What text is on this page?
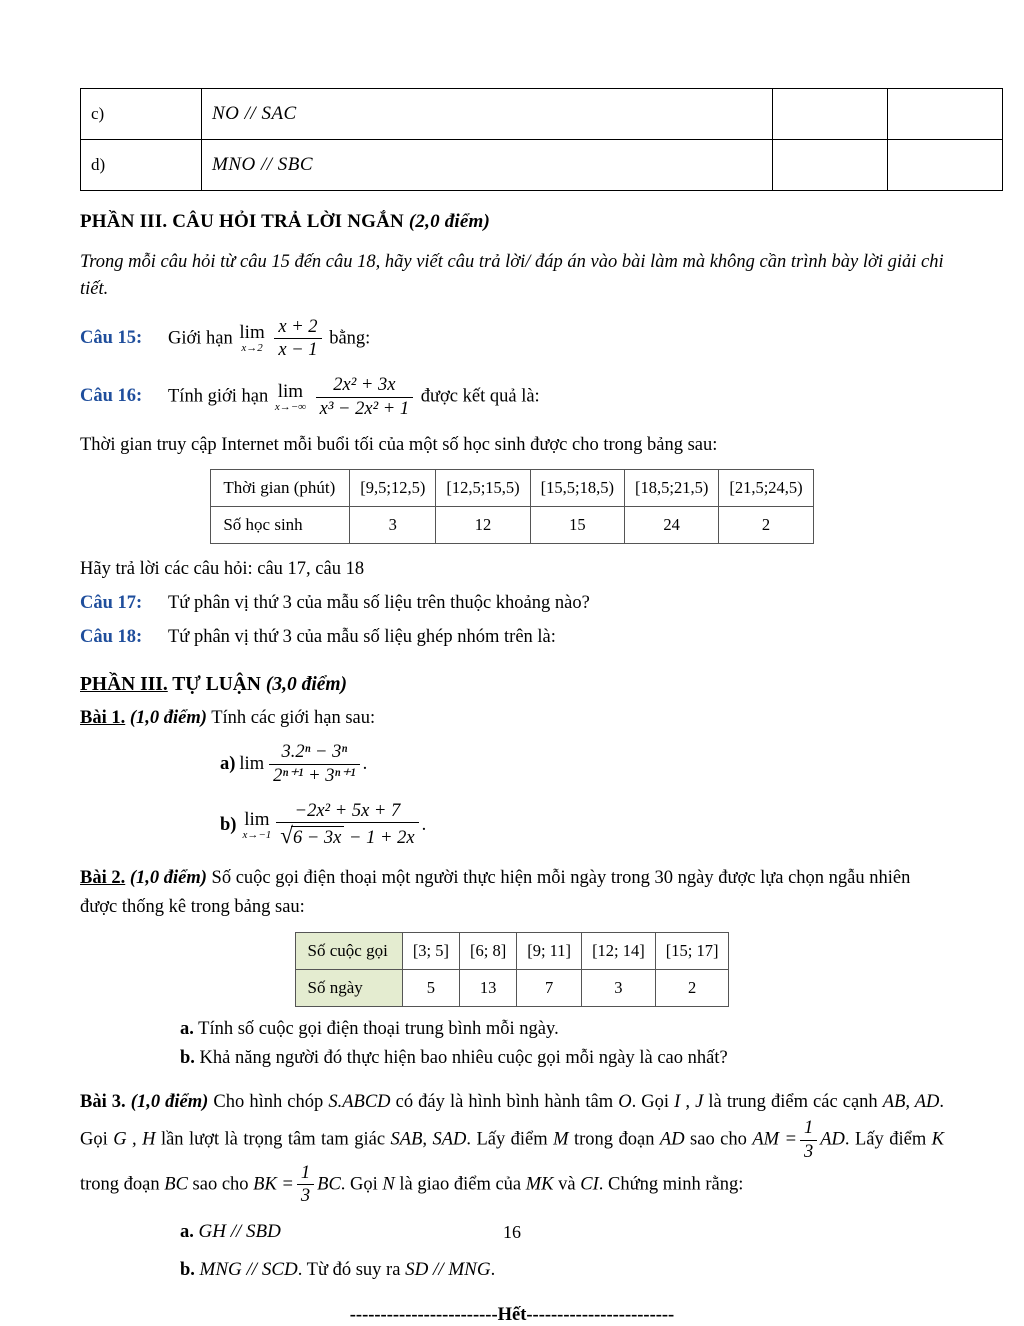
c)	NO // SAC		
d)	MNO // SBC		
PHẦN III. CÂU HỎI TRẢ LỜI NGẮN (2,0 điểm)
Trong mỗi câu hỏi từ câu 15 đến câu 18, hãy viết câu trả lời/ đáp án vào bài làm mà không cần trình bày lời giải chi tiết.
Câu 15:	Giới hạn lim
x→2
$\frac{x + 2}{x - 1}$ bằng:
Câu 16:	Tính giới hạn lim
x→−∞
$\frac{\text{2x² + 3x}}{\text{x³ − 2x² + 1}}$ được kết quả là:
Thời gian truy cập Internet mỗi buổi tối của một số học sinh được cho trong bảng sau:
Thời gian (phút)	[9,5;12,5)	[12,5;15,5)	[15,5;18,5)	[18,5;21,5)	[21,5;24,5)
Số học sinh	3	12	15	24	2
Hãy trả lời các câu hỏi: câu 17, câu 18
Câu 17:	Tứ phân vị thứ 3 của mẫu số liệu trên thuộc khoảng nào?
Câu 18:	Tứ phân vị thứ 3 của mẫu số liệu ghép nhóm trên là:
PHẦN III. TỰ LUẬN (3,0 điểm)
Bài 1. (1,0 điểm) Tính các giới hạn sau:
a) $\lim \frac{\text{3.2ⁿ − 3ⁿ}}{\text{2ⁿ⁺¹ + 3ⁿ⁺¹}}$ .
b) lim
$x\to-1 \frac{\text{−2x² + 5x + 7}}{√6 - 3x - 1 + 2x}$ .
Bài 2. (1,0 điểm) Số cuộc gọi điện thoại một người thực hiện mỗi ngày trong 30 ngày được lựa chọn ngẫu nhiên được thống kê trong bảng sau:
Số cuộc gọi	[3; 5]	[6; 8]	[9; 11]	[12; 14]	[15; 17]
Số ngày	5	13	7	3	2
a. Tính số cuộc gọi điện thoại trung bình mỗi ngày.
b. Khả năng người đó thực hiện bao nhiêu cuộc gọi mỗi ngày là cao nhất?
Bài 3. (1,0 điểm) Cho hình chóp S.ABCD có đáy là hình bình hành tâm O. Gọi I , J là trung điểm các cạnh AB, AD. Gọi G , H lần lượt là trọng tâm tam giác SAB, SAD. Lấy điểm M trong đoạn AD sao cho AM = $\frac{1}{3}$ AD. Lấy điểm K trong đoạn BC sao cho BK = $\frac{1}{3}$ BC. Gọi N là giao điểm của MK và CI. Chứng minh rằng:
a. GH // SBD
b. MNG // SCD. Từ đó suy ra SD // MNG.
------------------------Hết------------------------
16
